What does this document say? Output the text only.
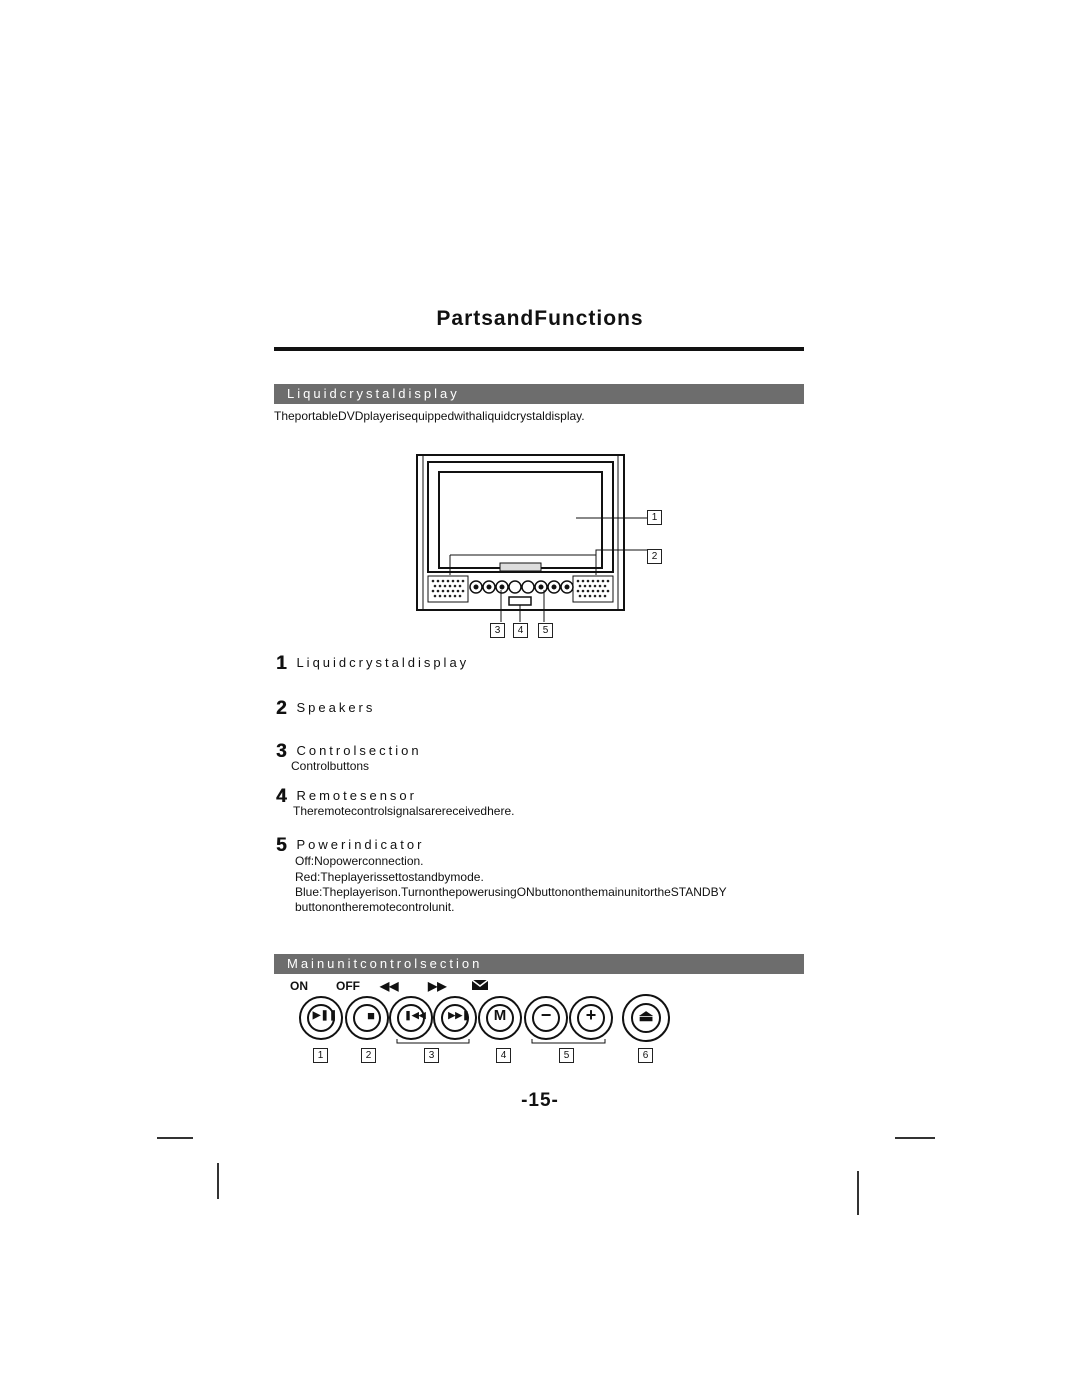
PartsandFunctions
Liquidcrystaldisplay
TheportableDVDplayerisequippedwithaliquidcrystaldisplay.
1
2
3	4	5
1 Liquidcrystaldisplay
2 Speakers
3 Controlsection
Controlbuttons
4 Remotesensor
Theremotecontrolsignalsarereceivedhere.
5 Powerindicator
Off:Nopowerconnection.
Red:Theplayerissettostandbymode.
Blue:Theplayerison.TurnonthepowerusingONbuttononthemainunitortheSTANDBY
buttonontheremotecontrolunit.
Mainunitcontrolsection
ON OFF ◀◀ ▶▶
▶❚❚	■	❚◀◀	▶▶❚	M	−	+	⏏
1	2	3	4	5	6
-15-
